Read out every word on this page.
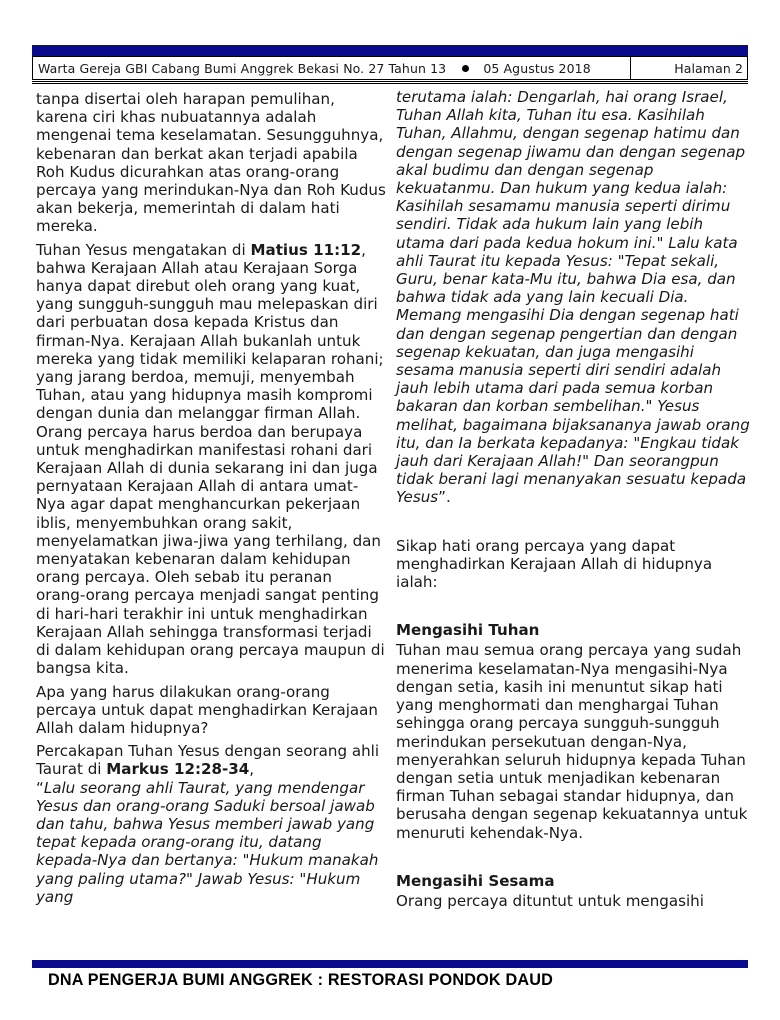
Warta Gereja GBI Cabang Bumi Anggrek Bekasi No. 27 Tahun 13	05 Agustus 2018	Halaman 2

tanpa disertai oleh harapan pemulihan, karena ciri khas nubuatannya adalah mengenai tema keselamatan. Sesungguhnya, kebenaran dan berkat akan terjadi apabila Roh Kudus dicurahkan atas orang-orang percaya yang merindukan-Nya dan Roh Kudus akan bekerja, memerintah di dalam hati mereka.

Tuhan Yesus mengatakan di Matius 11:12, bahwa Kerajaan Allah atau Kerajaan Sorga hanya dapat direbut oleh orang yang kuat, yang sungguh-sungguh mau melepaskan diri dari perbuatan dosa kepada Kristus dan firman-Nya. Kerajaan Allah bukanlah untuk mereka yang tidak memiliki kelaparan rohani; yang jarang berdoa, memuji, menyembah Tuhan, atau yang hidupnya masih kompromi dengan dunia dan melanggar firman Allah. Orang percaya harus berdoa dan berupaya untuk menghadirkan manifestasi rohani dari Kerajaan Allah di dunia sekarang ini dan juga pernyataan Kerajaan Allah di antara umat-Nya agar dapat menghancurkan pekerjaan iblis, menyembuhkan orang sakit, menyelamatkan jiwa-jiwa yang terhilang, dan menyatakan kebenaran dalam kehidupan orang percaya. Oleh sebab itu peranan orang-orang percaya menjadi sangat penting di hari-hari terakhir ini untuk menghadirkan Kerajaan Allah sehingga transformasi terjadi di dalam kehidupan orang percaya maupun di bangsa kita.

Apa yang harus dilakukan orang-orang percaya untuk dapat menghadirkan Kerajaan Allah dalam hidupnya?

Percakapan Tuhan Yesus dengan seorang ahli Taurat di Markus 12:28-34,

“Lalu seorang ahli Taurat, yang mendengar Yesus dan orang-orang Saduki bersoal jawab dan tahu, bahwa Yesus memberi jawab yang tepat kepada orang-orang itu, datang kepada-Nya dan bertanya: "Hukum manakah yang paling utama?" Jawab Yesus: "Hukum yang

terutama ialah: Dengarlah, hai orang Israel, Tuhan Allah kita, Tuhan itu esa. Kasihilah Tuhan, Allahmu, dengan segenap hatimu dan dengan segenap jiwamu dan dengan segenap akal budimu dan dengan segenap kekuatanmu. Dan hukum yang kedua ialah: Kasihilah sesamamu manusia seperti dirimu sendiri. Tidak ada hukum lain yang lebih utama dari pada kedua hokum ini." Lalu kata ahli Taurat itu kepada Yesus: "Tepat sekali, Guru, benar kata-Mu itu, bahwa Dia esa, dan bahwa tidak ada yang lain kecuali Dia. Memang mengasihi Dia dengan segenap hati dan dengan segenap pengertian dan dengan segenap kekuatan, dan juga mengasihi sesama manusia seperti diri sendiri adalah jauh lebih utama dari pada semua korban bakaran dan korban sembelihan." Yesus melihat, bagaimana bijaksananya jawab orang itu, dan Ia berkata kepadanya: "Engkau tidak jauh dari Kerajaan Allah!" Dan seorangpun tidak berani lagi menanyakan sesuatu kepada Yesus”.

Sikap hati orang percaya yang dapat menghadirkan Kerajaan Allah di hidupnya ialah:

Mengasihi Tuhan

Tuhan mau semua orang percaya yang sudah menerima keselamatan-Nya mengasihi-Nya dengan setia, kasih ini menuntut sikap hati yang menghormati dan menghargai Tuhan sehingga orang percaya sungguh-sungguh merindukan persekutuan dengan-Nya, menyerahkan seluruh hidupnya kepada Tuhan dengan setia untuk menjadikan kebenaran firman Tuhan sebagai standar hidupnya, dan berusaha dengan segenap kekuatannya untuk menuruti kehendak-Nya.

Mengasihi Sesama

Orang percaya dituntut untuk mengasihi

DNA PENGERJA BUMI ANGGREK : RESTORASI PONDOK DAUD
